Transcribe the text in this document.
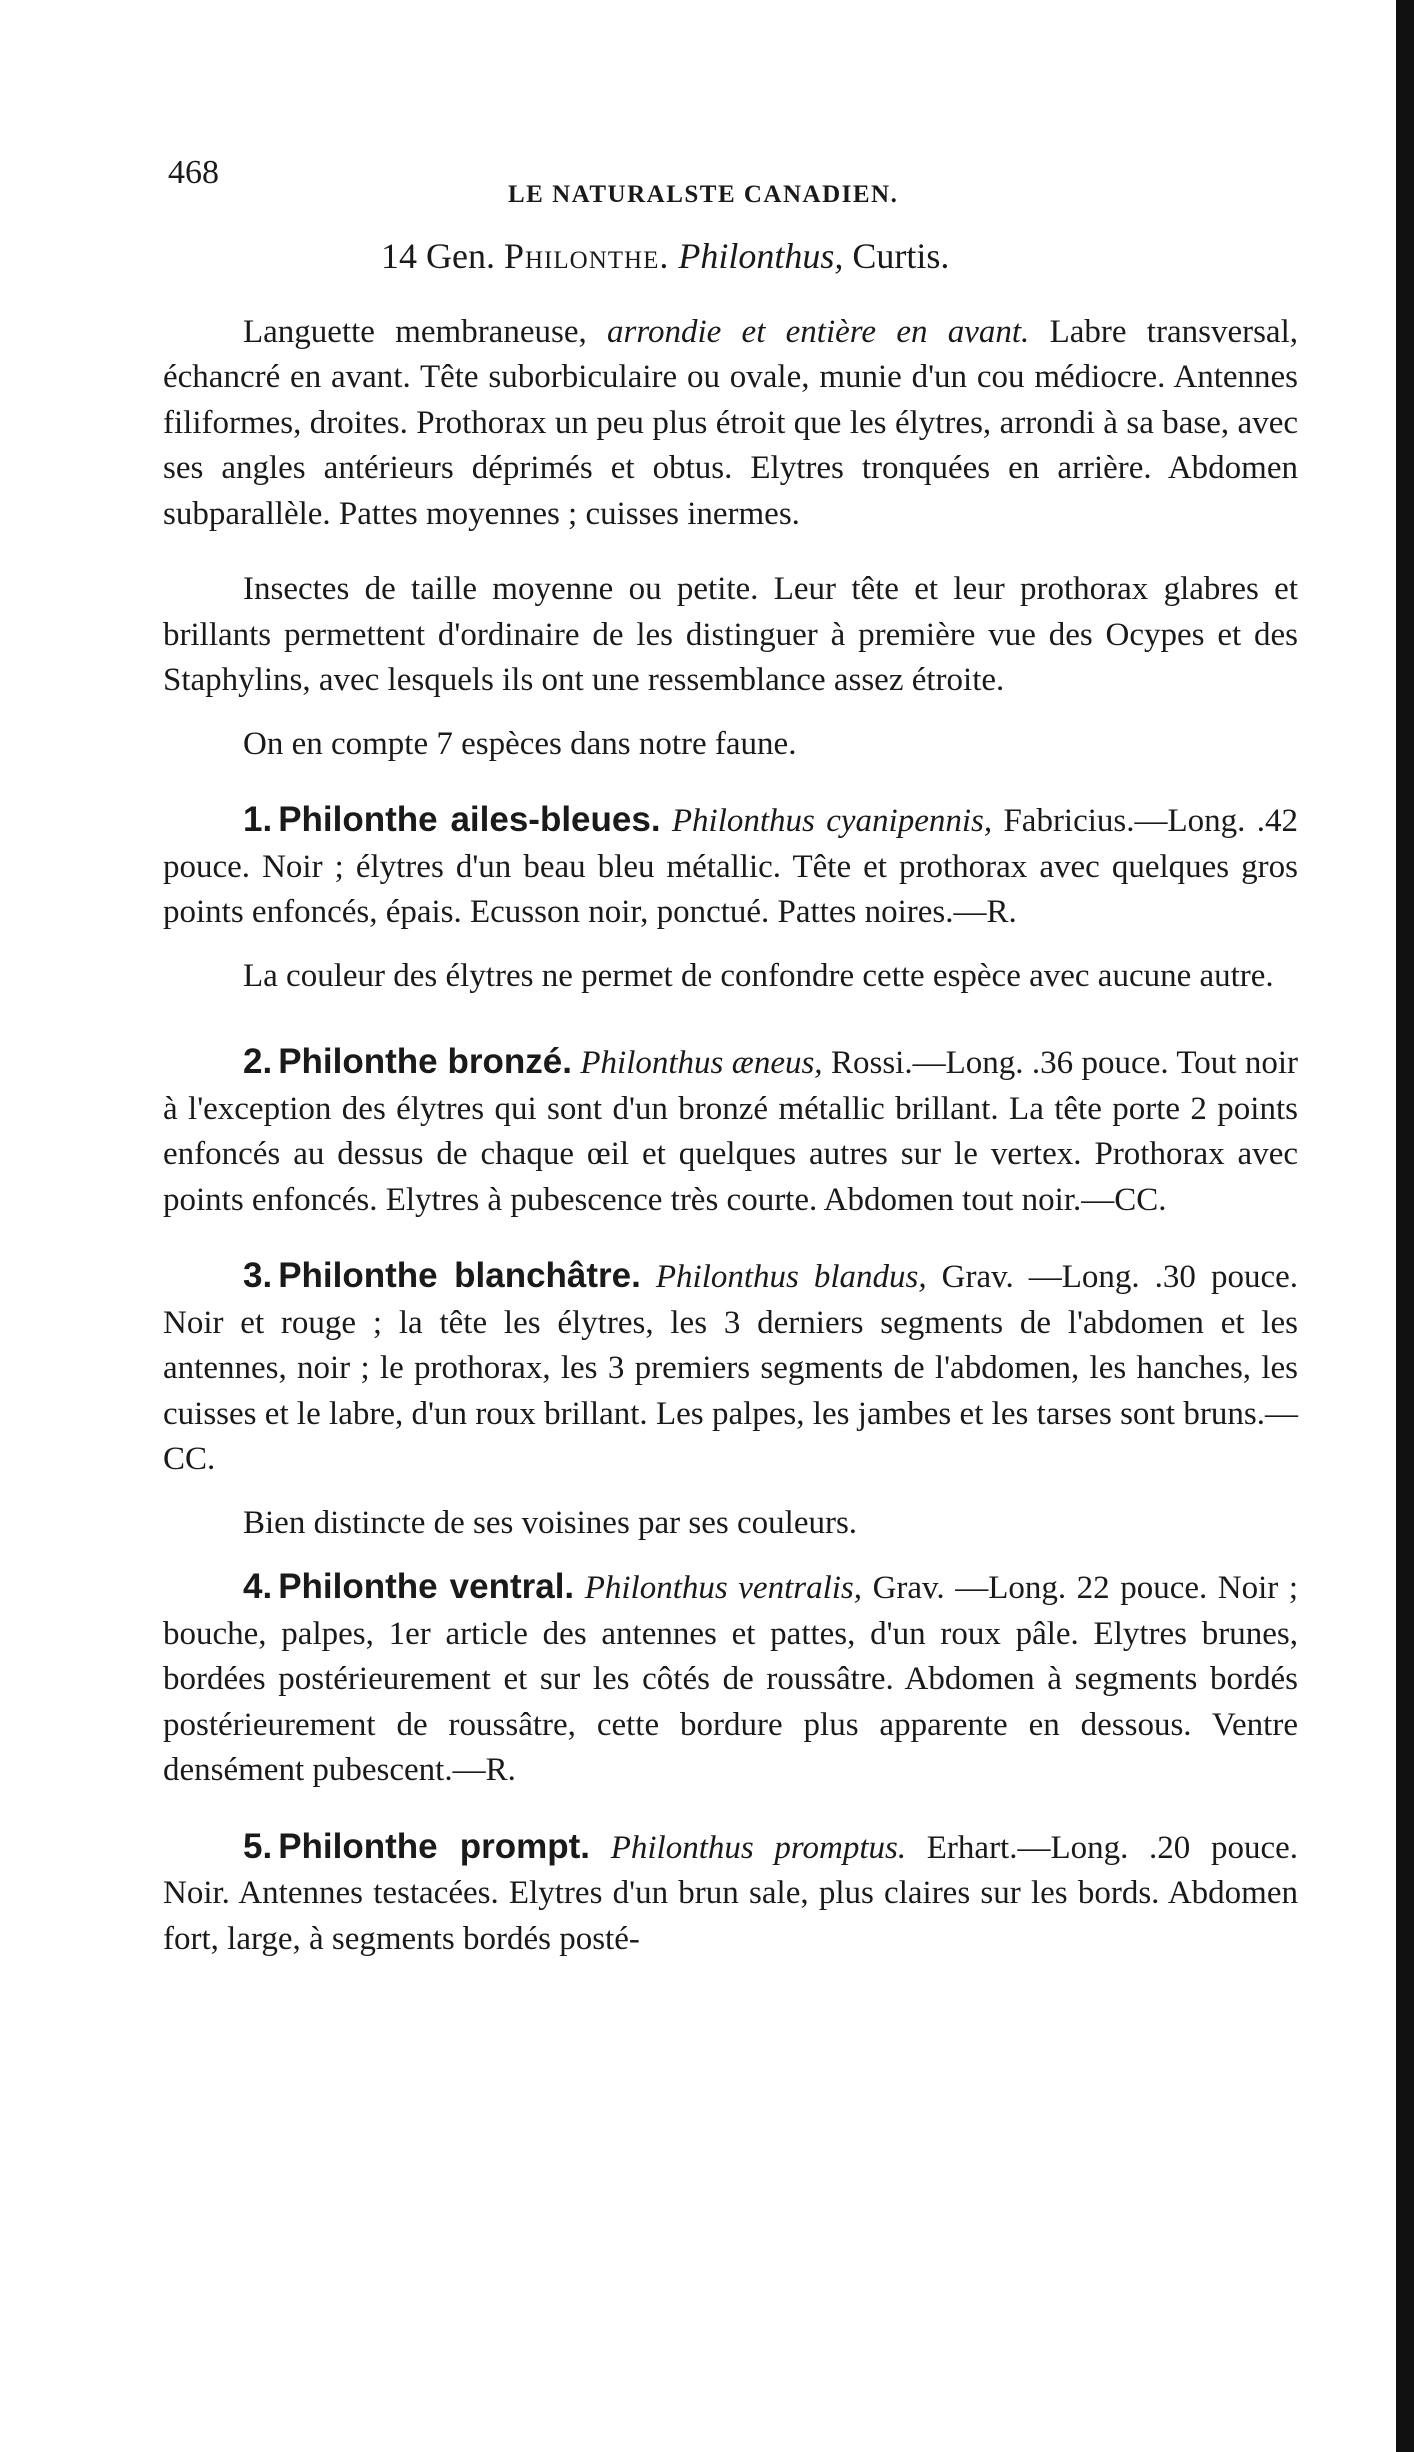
468
LE NATURALSTE CANADIEN.
14 Gen. Philonthe. Philonthus, Curtis.

Languette membraneuse, arrondie et entière en avant. Labre transversal, échancré en avant. Tête suborbiculaire ou ovale, munie d'un cou médiocre. Antennes filiformes, droites. Prothorax un peu plus étroit que les élytres, arrondi à sa base, avec ses angles antérieurs déprimés et obtus. Elytres tronquées en arrière. Abdomen subparallèle. Pattes moyennes ; cuisses inermes.

Insectes de taille moyenne ou petite. Leur tête et leur prothorax glabres et brillants permettent d'ordinaire de les distinguer à première vue des Ocypes et des Staphylins, avec lesquels ils ont une ressemblance assez étroite.

On en compte 7 espèces dans notre faune.

1. Philonthe ailes-bleues. Philonthus cyanipennis, Fabricius.—Long. .42 pouce. Noir ; élytres d'un beau bleu métallic. Tête et prothorax avec quelques gros points enfoncés, épais. Ecusson noir, ponctué. Pattes noires.—R.

La couleur des élytres ne permet de confondre cette espèce avec aucune autre.

2. Philonthe bronzé. Philonthus æneus, Rossi.—Long. .36 pouce. Tout noir à l'exception des élytres qui sont d'un bronzé métallic brillant. La tête porte 2 points enfoncés au dessus de chaque œil et quelques autres sur le vertex. Prothorax avec points enfoncés. Elytres à pubescence très courte. Abdomen tout noir.—CC.

3. Philonthe blanchâtre. Philonthus blandus, Grav. —Long. .30 pouce. Noir et rouge ; la tête les élytres, les 3 derniers segments de l'abdomen et les antennes, noir ; le prothorax, les 3 premiers segments de l'abdomen, les hanches, les cuisses et le labre, d'un roux brillant. Les palpes, les jambes et les tarses sont bruns.—CC.

Bien distincte de ses voisines par ses couleurs.

4. Philonthe ventral. Philonthus ventralis, Grav. —Long. 22 pouce. Noir ; bouche, palpes, 1er article des antennes et pattes, d'un roux pâle. Elytres brunes, bordées postérieurement et sur les côtés de roussâtre. Abdomen à segments bordés postérieurement de roussâtre, cette bordure plus apparente en dessous. Ventre densément pubescent.—R.

5. Philonthe prompt. Philonthus promptus. Erhart.—Long. .20 pouce. Noir. Antennes testacées. Elytres d'un brun sale, plus claires sur les bords. Abdomen fort, large, à segments bordés posté-
